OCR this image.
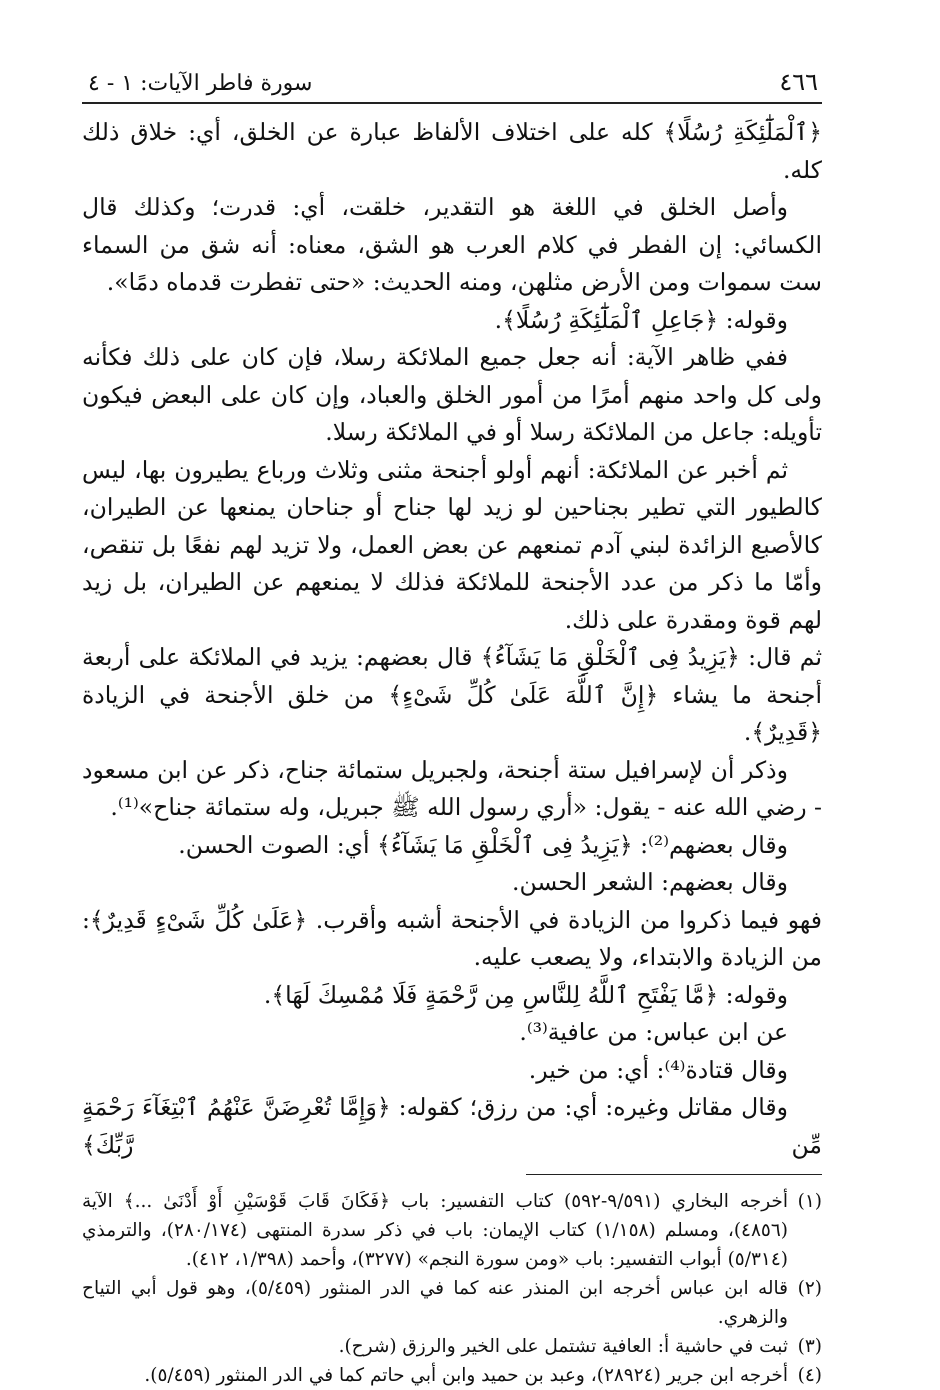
٤٦٦
سورة فاطر الآيات: ١ - ٤

﴿ٱلْمَلَٰٓئِكَةِ رُسُلًا﴾ كله على اختلاف الألفاظ عبارة عن الخلق، أي: خلاق ذلك كله.

وأصل الخلق في اللغة هو التقدير، خلقت، أي: قدرت؛ وكذلك قال الكسائي: إن الفطر في كلام العرب هو الشق، معناه: أنه شق من السماء ست سموات ومن الأرض مثلهن، ومنه الحديث: «حتى تفطرت قدماه دمًا».

وقوله: ﴿جَاعِلِ ٱلْمَلَٰٓئِكَةِ رُسُلًا﴾.

ففي ظاهر الآية: أنه جعل جميع الملائكة رسلا، فإن كان على ذلك فكأنه ولى كل واحد منهم أمرًا من أمور الخلق والعباد، وإن كان على البعض فيكون تأويله: جاعل من الملائكة رسلا أو في الملائكة رسلا.

ثم أخبر عن الملائكة: أنهم أولو أجنحة مثنى وثلاث ورباع يطيرون بها، ليس كالطيور التي تطير بجناحين لو زيد لها جناح أو جناحان يمنعها عن الطيران، كالأصبع الزائدة لبني آدم تمنعهم عن بعض العمل، ولا تزيد لهم نفعًا بل تنقص، وأمّا ما ذكر من عدد الأجنحة للملائكة فذلك لا يمنعهم عن الطيران، بل زيد لهم قوة ومقدرة على ذلك.

ثم قال: ﴿يَزِيدُ فِى ٱلْخَلْقِ مَا يَشَآءُ﴾ قال بعضهم: يزيد في الملائكة على أربعة أجنحة ما يشاء ﴿إِنَّ ٱللَّهَ عَلَىٰ كُلِّ شَىْءٍ﴾ من خلق الأجنحة في الزيادة ﴿قَدِيرٌ﴾.

وذكر أن لإسرافيل ستة أجنحة، ولجبريل ستمائة جناح، ذكر عن ابن مسعود - رضي الله عنه - يقول: «أري رسول الله ﷺ جبريل، وله ستمائة جناح»⁽¹⁾.

وقال بعضهم⁽²⁾: ﴿يَزِيدُ فِى ٱلْخَلْقِ مَا يَشَآءُ﴾ أي: الصوت الحسن.

وقال بعضهم: الشعر الحسن.

فهو فيما ذكروا من الزيادة في الأجنحة أشبه وأقرب. ﴿عَلَىٰ كُلِّ شَىْءٍ قَدِيرٌ﴾: من الزيادة والابتداء، ولا يصعب عليه.

وقوله: ﴿مَّا يَفْتَحِ ٱللَّهُ لِلنَّاسِ مِن رَّحْمَةٍ فَلَا مُمْسِكَ لَهَا﴾.

عن ابن عباس: من عافية⁽³⁾.

وقال قتادة⁽⁴⁾: أي: من خير.

وقال مقاتل وغيره: أي: من رزق؛ كقوله: ﴿وَإِمَّا تُعْرِضَنَّ عَنْهُمُ ٱبْتِغَآءَ رَحْمَةٍ مِّن رَّبِّكَ﴾

(١)أخرجه البخاري (٩/٥٩١-٥٩٢) كتاب التفسير: باب ﴿فَكَانَ قَابَ قَوْسَيْنِ أَوْ أَدْنَىٰ ...﴾ الآية (٤٨٥٦)، ومسلم (١/١٥٨) كتاب الإيمان: باب في ذكر سدرة المنتهى (٢٨٠/١٧٤)، والترمذي (٥/٣١٤) أبواب التفسير: باب «ومن سورة النجم» (٣٢٧٧)، وأحمد (١/٣٩٨، ٤١٢).

(٢)قاله ابن عباس أخرجه ابن المنذر عنه كما في الدر المنثور (٥/٤٥٩)، وهو قول أبي التياح والزهري.

(٣)ثبت في حاشية أ: العافية تشتمل على الخير والرزق (شرح).

(٤)أخرجه ابن جرير (٢٨٩٢٤)، وعبد بن حميد وابن أبي حاتم كما في الدر المنثور (٥/٤٥٩).
